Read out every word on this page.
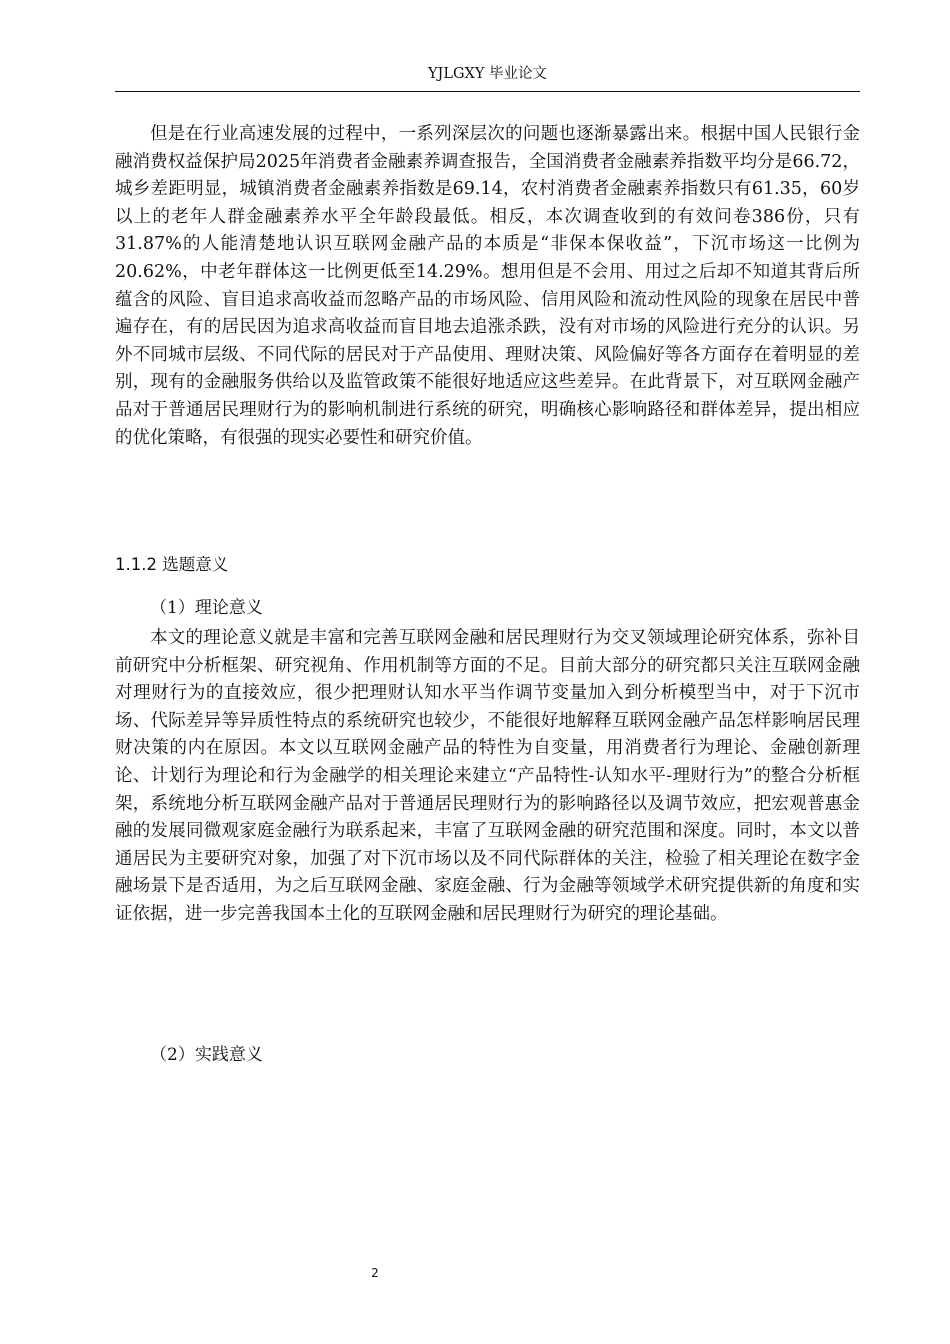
YJLGXY 毕业论文

但是在行业高速发展的过程中，一系列深层次的问题也逐渐暴露出来。根据中国人民银行金融消费权益保护局2025年消费者金融素养调查报告，全国消费者金融素养指数平均分是66.72，城乡差距明显，城镇消费者金融素养指数是69.14，农村消费者金融素养指数只有61.35，60岁以上的老年人群金融素养水平全年龄段最低。相反，本次调查收到的有效问卷386份，只有31.87%的人能清楚地认识互联网金融产品的本质是“非保本保收益”，下沉市场这一比例为20.62%，中老年群体这一比例更低至14.29%。想用但是不会用、用过之后却不知道其背后所蕴含的风险、盲目追求高收益而忽略产品的市场风险、信用风险和流动性风险的现象在居民中普遍存在，有的居民因为追求高收益而盲目地去追涨杀跌，没有对市场的风险进行充分的认识。另外不同城市层级、不同代际的居民对于产品使用、理财决策、风险偏好等各方面存在着明显的差别，现有的金融服务供给以及监管政策不能很好地适应这些差异。在此背景下，对互联网金融产品对于普通居民理财行为的影响机制进行系统的研究，明确核心影响路径和群体差异，提出相应的优化策略，有很强的现实必要性和研究价值。

1.1.2 选题意义
（1）理论意义

本文的理论意义就是丰富和完善互联网金融和居民理财行为交叉领域理论研究体系，弥补目前研究中分析框架、研究视角、作用机制等方面的不足。目前大部分的研究都只关注互联网金融对理财行为的直接效应，很少把理财认知水平当作调节变量加入到分析模型当中，对于下沉市场、代际差异等异质性特点的系统研究也较少，不能很好地解释互联网金融产品怎样影响居民理财决策的内在原因。本文以互联网金融产品的特性为自变量，用消费者行为理论、金融创新理论、计划行为理论和行为金融学的相关理论来建立“产品特性-认知水平-理财行为”的整合分析框架，系统地分析互联网金融产品对于普通居民理财行为的影响路径以及调节效应，把宏观普惠金融的发展同微观家庭金融行为联系起来，丰富了互联网金融的研究范围和深度。同时，本文以普通居民为主要研究对象，加强了对下沉市场以及不同代际群体的关注，检验了相关理论在数字金融场景下是否适用，为之后互联网金融、家庭金融、行为金融等领域学术研究提供新的角度和实证依据，进一步完善我国本土化的互联网金融和居民理财行为研究的理论基础。

（2）实践意义
2
